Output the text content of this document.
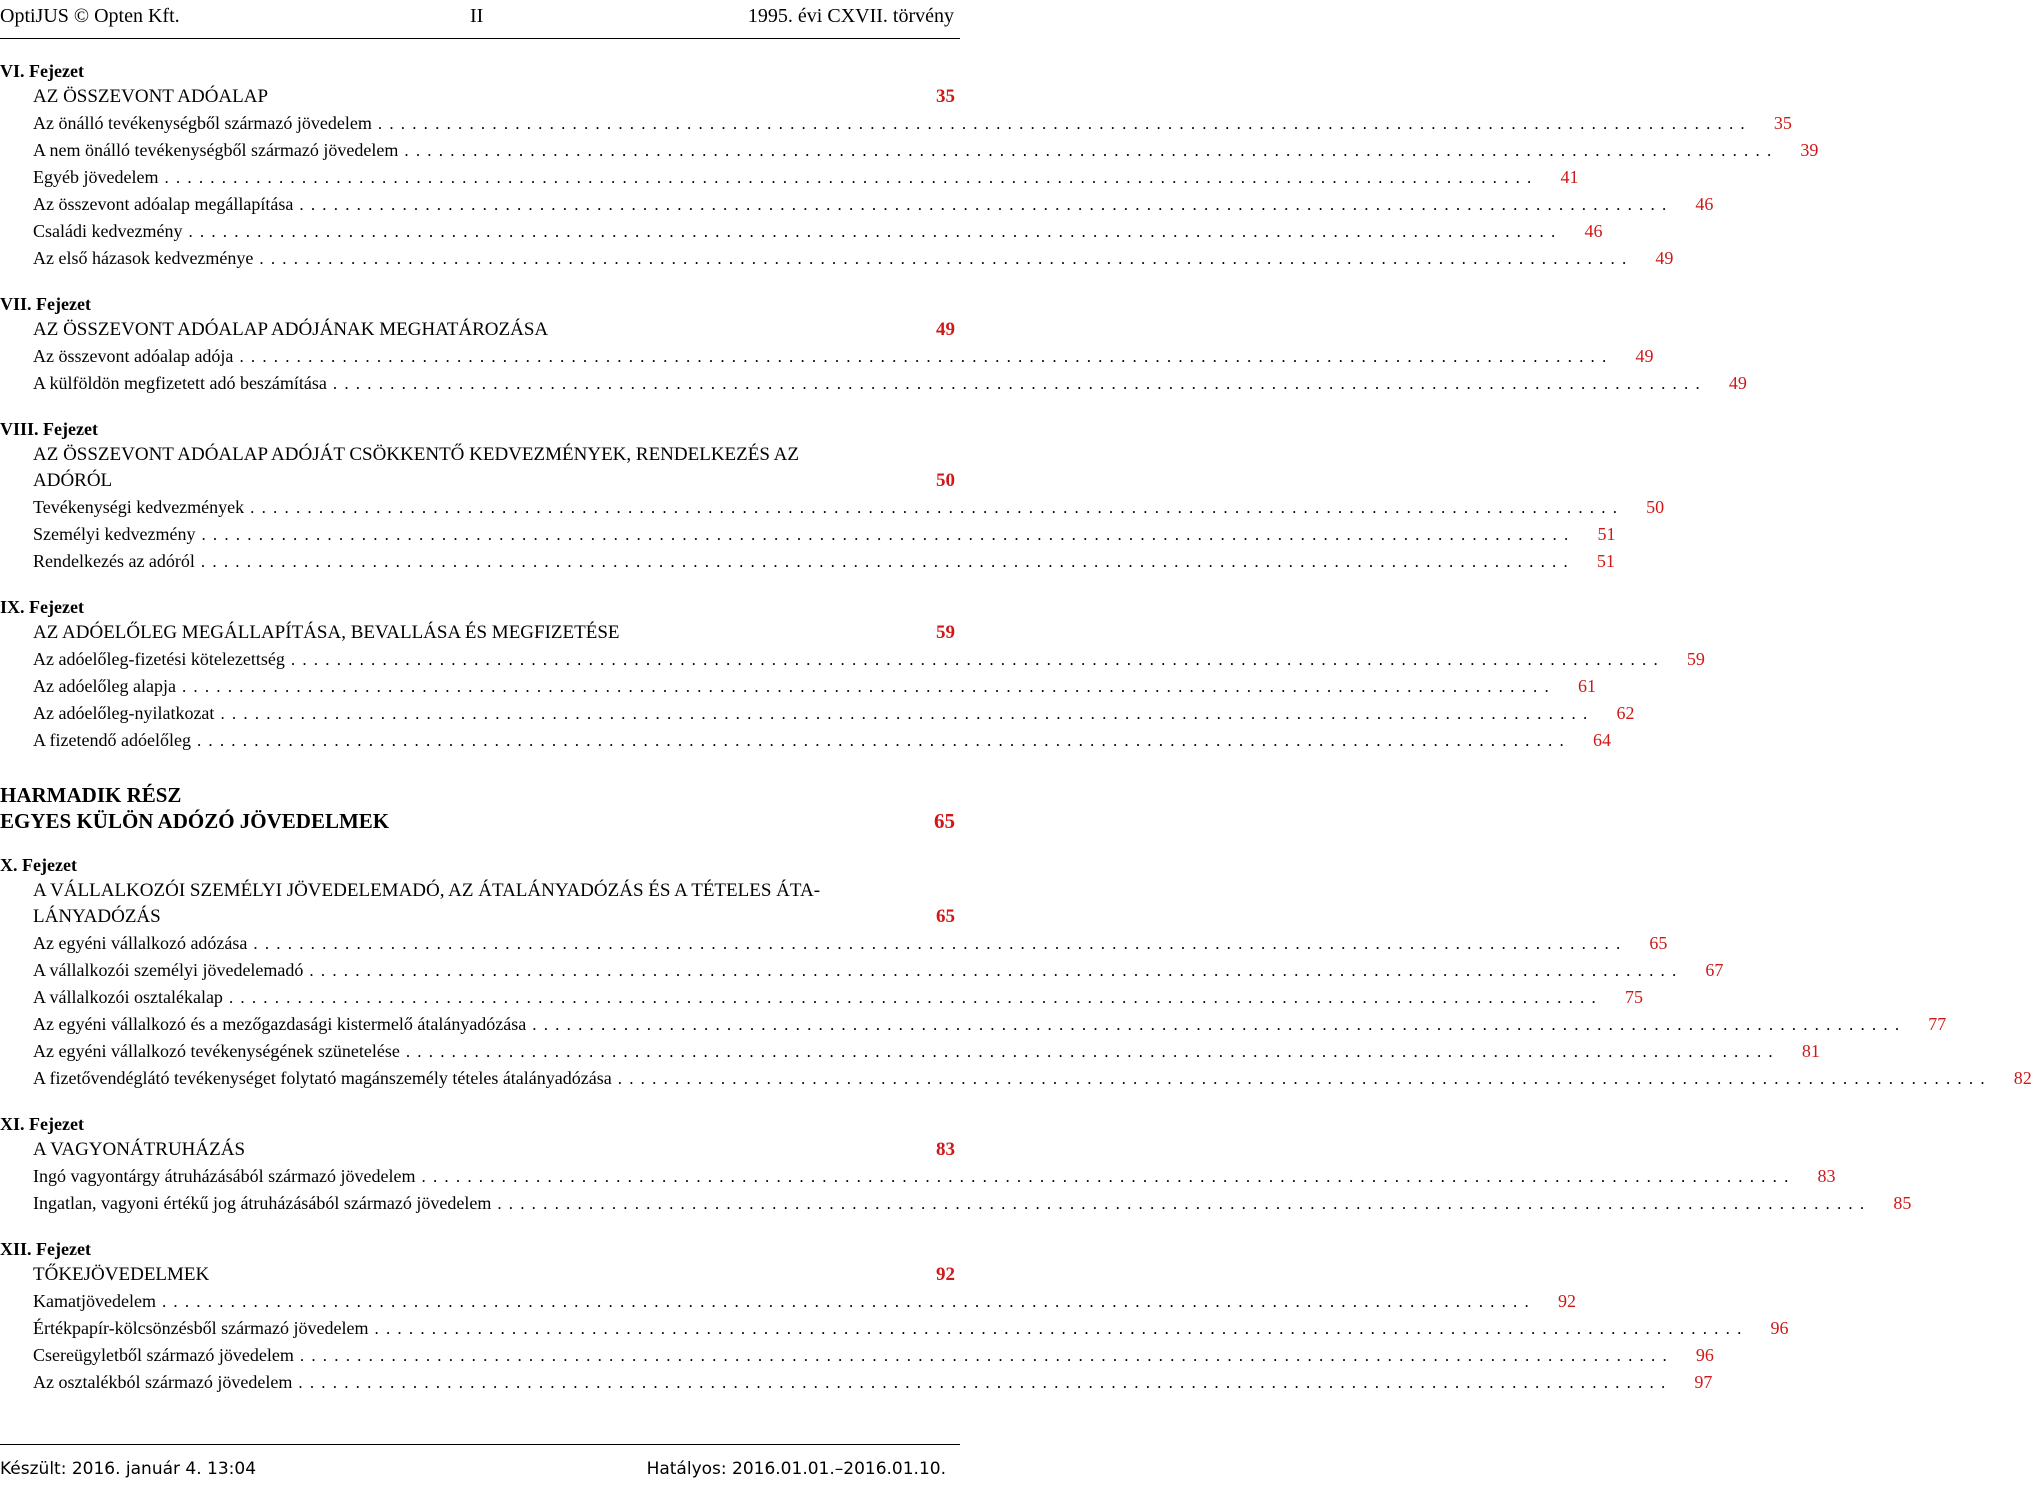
OptiJUS © Opten Kft.	II	1995. évi CXVII. törvény
VI. Fejezet
AZ ÖSSZEVONT ADÓALAP	35
Az önálló tevékenységből származó jövedelem ........................................................................................................................	35
A nem önálló tevékenységből származó jövedelem ........................................................................................................................	39
Egyéb jövedelem ........................................................................................................................	41
Az összevont adóalap megállapítása ........................................................................................................................	46
Családi kedvezmény ........................................................................................................................	46
Az első házasok kedvezménye ........................................................................................................................	49
VII. Fejezet
AZ ÖSSZEVONT ADÓALAP ADÓJÁNAK MEGHATÁROZÁSA	49
Az összevont adóalap adója ........................................................................................................................	49
A külföldön megfizetett adó beszámítása ........................................................................................................................	49
VIII. Fejezet
AZ ÖSSZEVONT ADÓALAP ADÓJÁT CSÖKKENTŐ KEDVEZMÉNYEK, RENDELKEZÉS AZ
ADÓRÓL	50
Tevékenységi kedvezmények ........................................................................................................................	50
Személyi kedvezmény ........................................................................................................................	51
Rendelkezés az adóról ........................................................................................................................	51
IX. Fejezet
AZ ADÓELŐLEG MEGÁLLAPÍTÁSA, BEVALLÁSA ÉS MEGFIZETÉSE	59
Az adóelőleg-fizetési kötelezettség ........................................................................................................................	59
Az adóelőleg alapja ........................................................................................................................	61
Az adóelőleg-nyilatkozat ........................................................................................................................	62
A fizetendő adóelőleg ........................................................................................................................	64
HARMADIK RÉSZ
EGYES KÜLÖN ADÓZÓ JÖVEDELMEK	65
X. Fejezet
A VÁLLALKOZÓI SZEMÉLYI JÖVEDELEMADÓ, AZ ÁTALÁNYADÓZÁS ÉS A TÉTELES ÁTA-
LÁNYADÓZÁS	65
Az egyéni vállalkozó adózása ........................................................................................................................	65
A vállalkozói személyi jövedelemadó ........................................................................................................................	67
A vállalkozói osztalékalap ........................................................................................................................	75
Az egyéni vállalkozó és a mezőgazdasági kistermelő átalányadózása ........................................................................................................................	77
Az egyéni vállalkozó tevékenységének szünetelése ........................................................................................................................	81
A fizetővendéglátó tevékenységet folytató magánszemély tételes átalányadózása ........................................................................................................................	82
XI. Fejezet
A VAGYONÁTRUHÁZÁS	83
Ingó vagyontárgy átruházásából származó jövedelem ........................................................................................................................	83
Ingatlan, vagyoni értékű jog átruházásából származó jövedelem ........................................................................................................................	85
XII. Fejezet
TŐKEJÖVEDELMEK	92
Kamatjövedelem ........................................................................................................................	92
Értékpapír-kölcsönzésből származó jövedelem ........................................................................................................................	96
Csereügyletből származó jövedelem ........................................................................................................................	96
Az osztalékból származó jövedelem ........................................................................................................................	97
Készült: 2016. január 4. 13:04	Hatályos: 2016.01.01.–2016.01.10.
